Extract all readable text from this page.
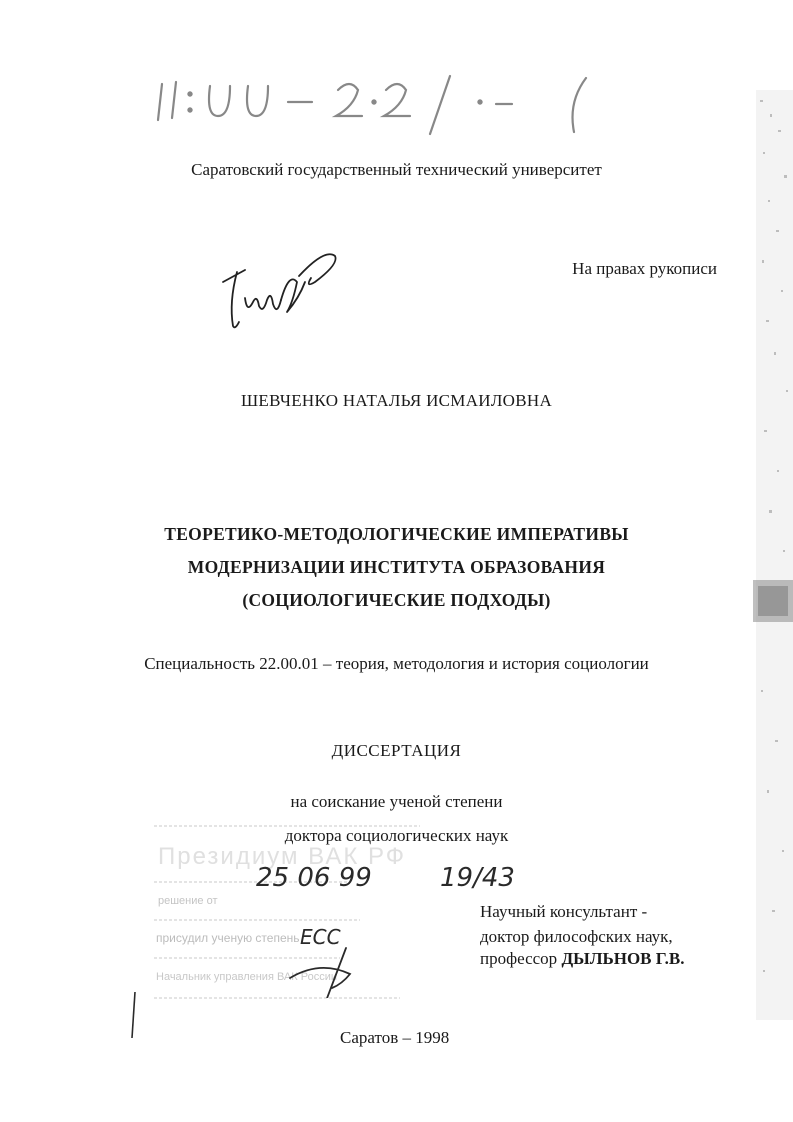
Саратовский государственный технический университет
На правах рукописи
ШЕВЧЕНКО НАТАЛЬЯ ИСМАИЛОВНА
ТЕОРЕТИКО-МЕТОДОЛОГИЧЕСКИЕ ИМПЕРАТИВЫ
МОДЕРНИЗАЦИИ ИНСТИТУТА ОБРАЗОВАНИЯ
(СОЦИОЛОГИЧЕСКИЕ ПОДХОДЫ)
Специальность 22.00.01 – теория, методология и история социологии
ДИССЕРТАЦИЯ
на соискание ученой степени
доктора социологических наук
Президиум ВАК РФ
решение от
присудил ученую степень
Начальник управления ВАК России
25 06 99	19/43
ECC
Научный консультант -
доктор философских наук,
профессор ДЫЛЬНОВ Г.В.
Саратов – 1998
